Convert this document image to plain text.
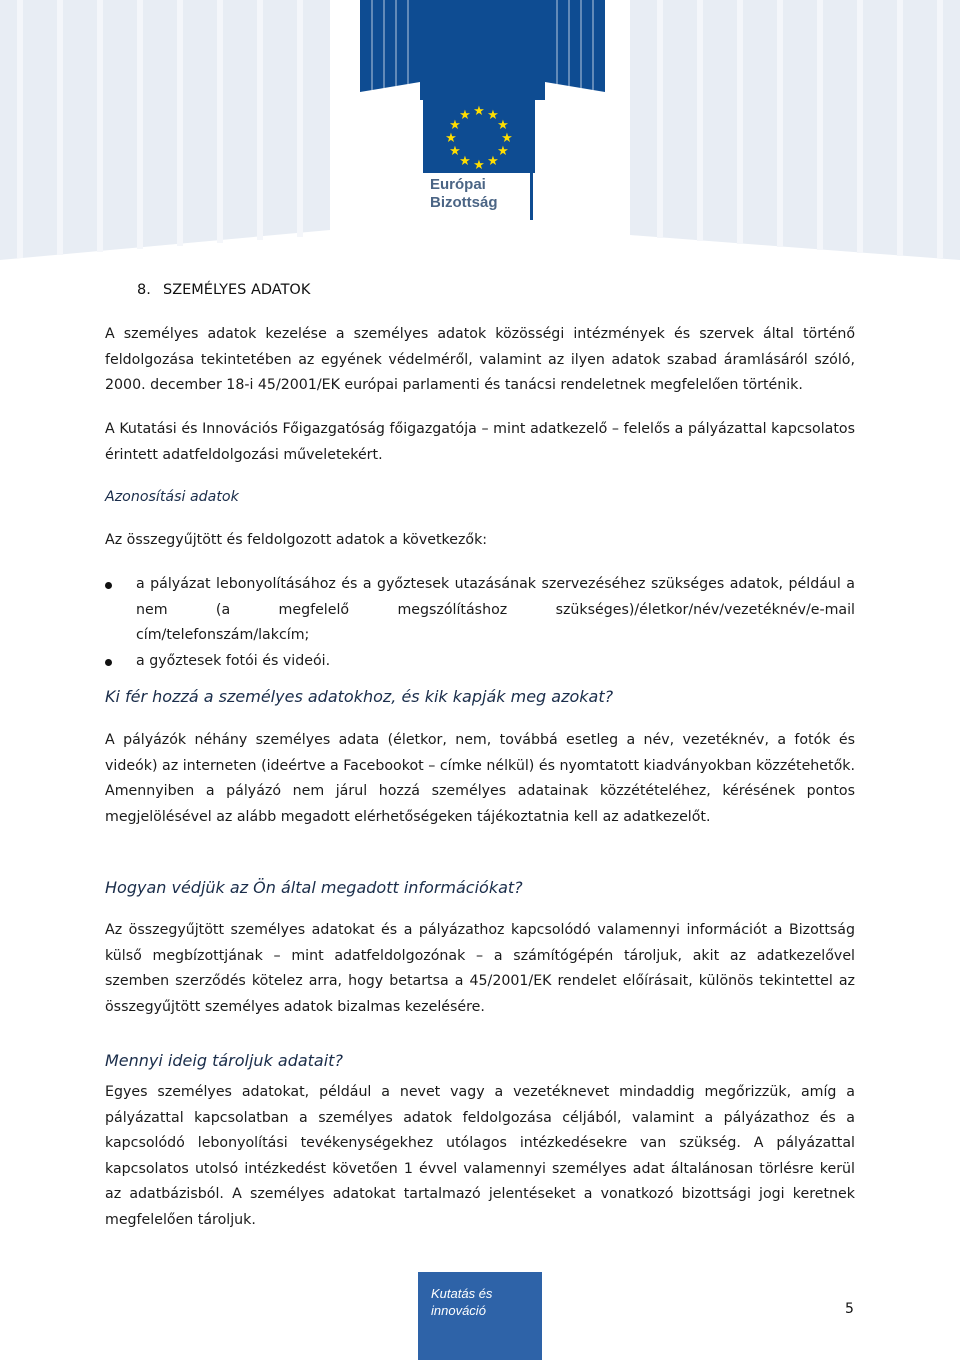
★ ★
★
★
★
★
★
★
★
★
★
★
Európai
Bizottság
8. SZEMÉLYES ADATOK

A személyes adatok kezelése a személyes adatok közösségi intézmények és szervek által történő feldolgozása tekintetében az egyének védelméről, valamint az ilyen adatok szabad áramlásáról szóló, 2000. december 18-i 45/2001/EK európai parlamenti és tanácsi rendeletnek megfelelően történik.

A Kutatási és Innovációs Főigazgatóság főigazgatója – mint adatkezelő – felelős a pályázattal kapcsolatos érintett adatfeldolgozási műveletekért.

Azonosítási adatok

Az összegyűjtött és feldolgozott adatok a következők:

a pályázat lebonyolításához és a győztesek utazásának szervezéséhez szükséges adatok, például a nem (a megfelelő megszólításhoz szükséges)/életkor/név/vezetéknév/e-mail cím/telefonszám/lakcím;
a győztesek fotói és videói.

Ki fér hozzá a személyes adatokhoz, és kik kapják meg azokat?

A pályázók néhány személyes adata (életkor, nem, továbbá esetleg a név, vezetéknév, a fotók és videók) az interneten (ideértve a Facebookot – címke nélkül) és nyomtatott kiadványokban közzétehetők. Amennyiben a pályázó nem járul hozzá személyes adatainak közzétételéhez, kérésének pontos megjelölésével az alább megadott elérhetőségeken tájékoztatnia kell az adatkezelőt.

Hogyan védjük az Ön által megadott információkat?

Az összegyűjtött személyes adatokat és a pályázathoz kapcsolódó valamennyi információt a Bizottság külső megbízottjának – mint adatfeldolgozónak – a számítógépén tároljuk, akit az adatkezelővel szemben szerződés kötelez arra, hogy betartsa a 45/2001/EK rendelet előírásait, különös tekintettel az összegyűjtött személyes adatok bizalmas kezelésére.

Mennyi ideig tároljuk adatait?

Egyes személyes adatokat, például a nevet vagy a vezetéknevet mindaddig megőrizzük, amíg a pályázattal kapcsolatban a személyes adatok feldolgozása céljából, valamint a pályázathoz és a kapcsolódó lebonyolítási tevékenységekhez utólagos intézkedésekre van szükség. A pályázattal kapcsolatos utolsó intézkedést követően 1 évvel valamennyi személyes adat általánosan törlésre kerül az adatbázisból. A személyes adatokat tartalmazó jelentéseket a vonatkozó bizottsági jogi keretnek megfelelően tároljuk.

Kutatás és
innováció	5
